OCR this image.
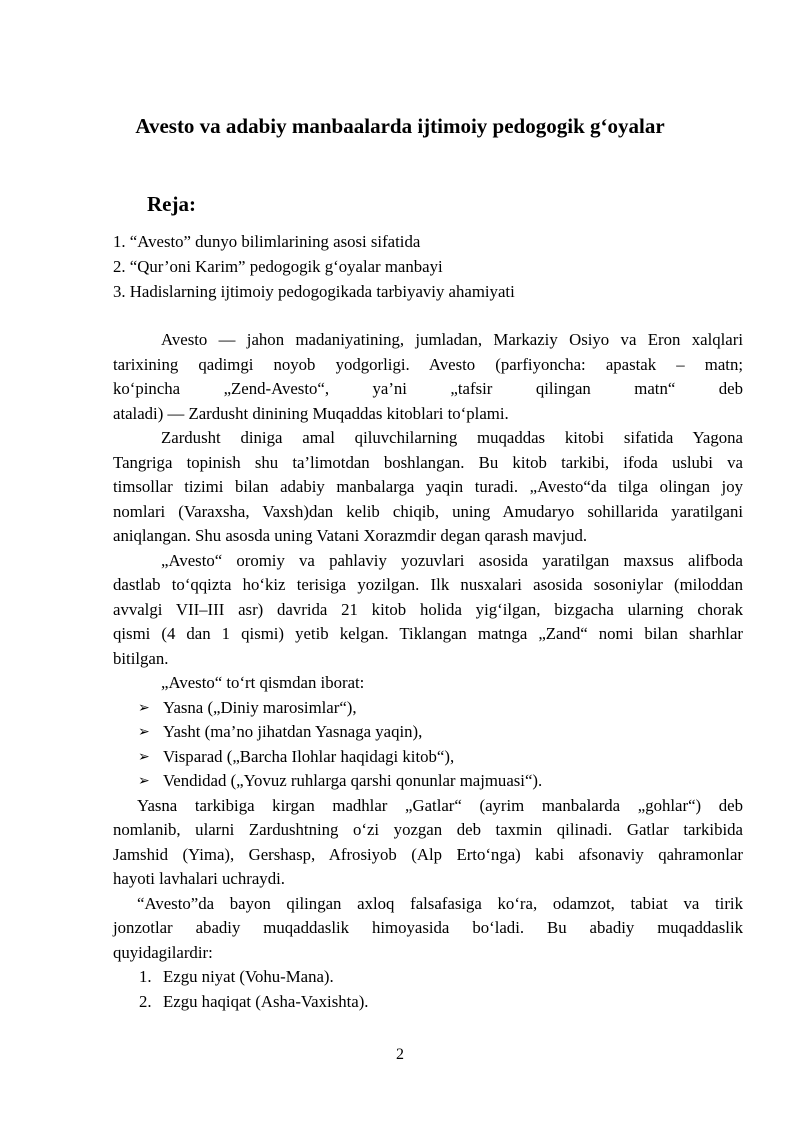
Avesto va adabiy manbaalarda ijtimoiy pedogogik g‘oyalar
Reja:
1. “Avesto” dunyo bilimlarining asosi sifatida
2. “Qur’oni Karim” pedogogik g‘oyalar manbayi
3. Hadislarning ijtimoiy pedogogikada tarbiyaviy ahamiyati
Avesto — jahon madaniyatining, jumladan, Markaziy Osiyo va Eron xalqlari
tarixining qadimgi noyob yodgorligi. Avesto (parfiyoncha: apastak – matn;
ko‘pincha „Zend-Avesto“, ya’ni „tafsir qilingan matn“ deb
ataladi) — Zardusht dinining Muqaddas kitoblari to‘plami.
Zardusht diniga amal qiluvchilarning muqaddas kitobi sifatida Yagona
Tangriga topinish shu ta’limotdan boshlangan. Bu kitob tarkibi, ifoda uslubi va
timsollar tizimi bilan adabiy manbalarga yaqin turadi. „Avesto“da tilga olingan joy
nomlari (Varaxsha, Vaxsh)dan kelib chiqib, uning Amudaryo sohillarida yaratilgani
aniqlangan. Shu asosda uning Vatani Xorazmdir degan qarash mavjud.
„Avesto“ oromiy va pahlaviy yozuvlari asosida yaratilgan maxsus alifboda
dastlab to‘qqizta ho‘kiz terisiga yozilgan. Ilk nusxalari asosida sosoniylar (miloddan
avvalgi VII–III asr) davrida 21 kitob holida yig‘ilgan, bizgacha ularning chorak
qismi (4 dan 1 qismi) yetib kelgan. Tiklangan matnga „Zand“ nomi bilan sharhlar
bitilgan.
„Avesto“ to‘rt qismdan iborat:
➢ Yasna („Diniy marosimlar“),
➢ Yasht (ma’no jihatdan Yasnaga yaqin),
➢ Visparad („Barcha Ilohlar haqidagi kitob“),
➢ Vendidad („Yovuz ruhlarga qarshi qonunlar majmuasi“).
Yasna tarkibiga kirgan madhlar „Gatlar“ (ayrim manbalarda „gohlar“) deb
nomlanib, ularni Zardushtning o‘zi yozgan deb taxmin qilinadi. Gatlar tarkibida
Jamshid (Yima), Gershasp, Afrosiyob (Alp Erto‘nga) kabi afsonaviy qahramonlar
hayoti lavhalari uchraydi.
“Avesto”da bayon qilingan axloq falsafasiga ko‘ra, odamzot, tabiat va tirik
jonzotlar abadiy muqaddaslik himoyasida bo‘ladi. Bu abadiy muqaddaslik
quyidagilardir:
1. Ezgu niyat (Vohu-Mana).
2. Ezgu haqiqat (Asha-Vaxishta).
2
